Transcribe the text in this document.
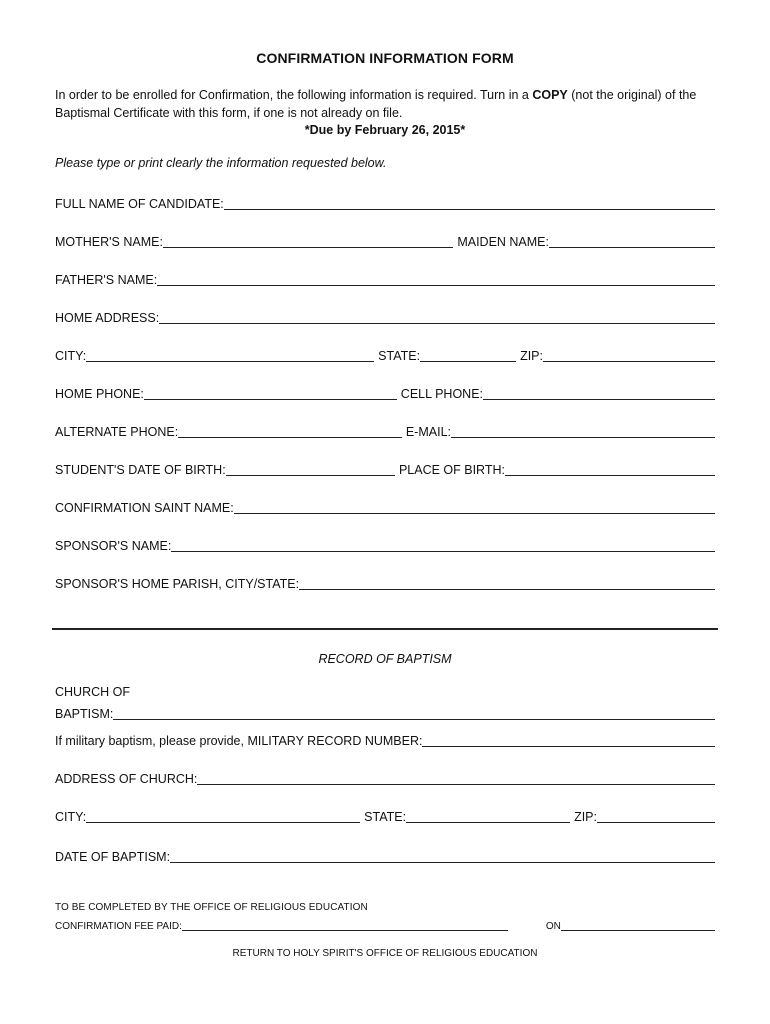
CONFIRMATION INFORMATION FORM
In order to be enrolled for Confirmation, the following information is required. Turn in a COPY (not the original) of the Baptismal Certificate with this form, if one is not already on file.
*Due by February 26, 2015*
Please type or print clearly the information requested below.
FULL NAME OF CANDIDATE:
MOTHER'S NAME:	MAIDEN NAME:
FATHER'S NAME:
HOME ADDRESS:
CITY:	STATE:	ZIP:
HOME PHONE:	CELL PHONE:
ALTERNATE PHONE:	E-MAIL:
STUDENT'S DATE OF BIRTH:	PLACE OF BIRTH:
CONFIRMATION SAINT NAME:
SPONSOR'S NAME:
SPONSOR'S HOME PARISH, CITY/STATE:
RECORD OF BAPTISM
CHURCH OF
BAPTISM:
If military baptism, please provide, MILITARY RECORD NUMBER:
ADDRESS OF CHURCH:
CITY:	STATE:	ZIP:
DATE OF BAPTISM:
TO BE COMPLETED BY THE OFFICE OF RELIGIOUS EDUCATION
CONFIRMATION FEE PAID:	ON
RETURN TO HOLY SPIRIT'S OFFICE OF RELIGIOUS EDUCATION
